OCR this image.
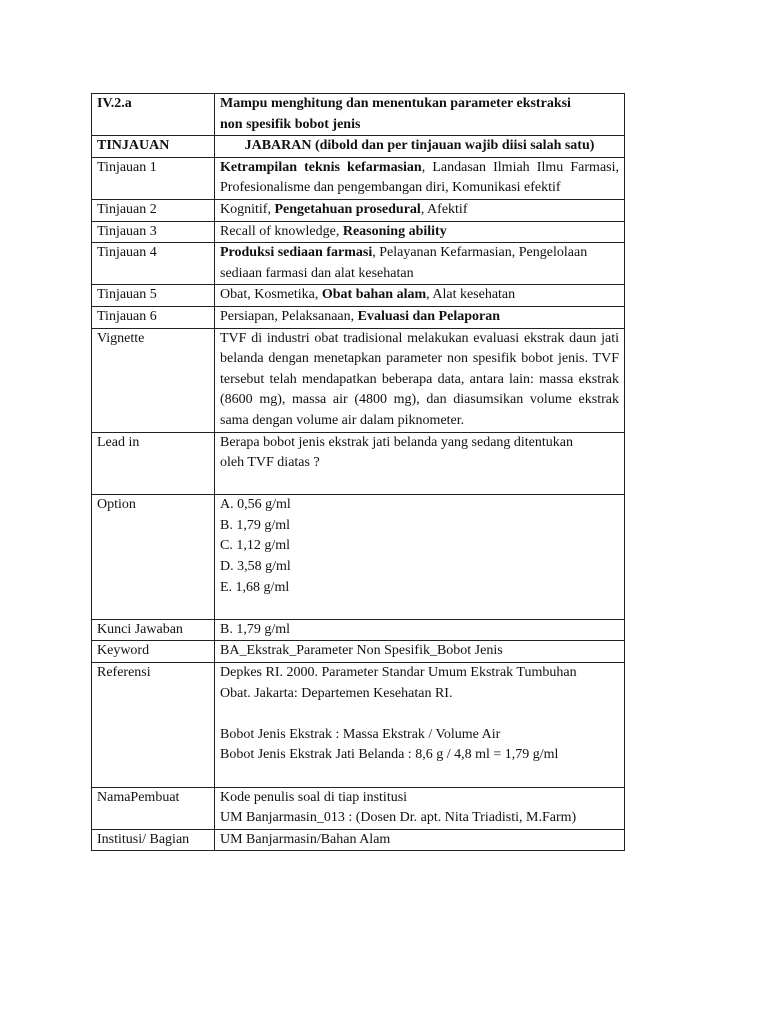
IV.2.a	Mampu menghitung dan menentukan parameter ekstraksi
non spesifik bobot jenis

TINJAUAN	JABARAN (dibold dan per tinjauan wajib diisi salah satu)
Tinjauan 1	Ketrampilan teknis kefarmasian, Landasan Ilmiah Ilmu Farmasi, Profesionalisme dan pengembangan diri, Komunikasi efektif
Tinjauan 2	Kognitif, Pengetahuan prosedural, Afektif
Tinjauan 3	Recall of knowledge, Reasoning ability
Tinjauan 4	Produksi sediaan farmasi, Pelayanan Kefarmasian, Pengelolaan sediaan farmasi dan alat kesehatan
Tinjauan 5	Obat, Kosmetika, Obat bahan alam, Alat kesehatan
Tinjauan 6	Persiapan, Pelaksanaan, Evaluasi dan Pelaporan
Vignette	TVF di industri obat tradisional melakukan evaluasi ekstrak daun jati belanda dengan menetapkan parameter non spesifik bobot jenis. TVF tersebut telah mendapatkan beberapa data, antara lain: massa ekstrak (8600 mg), massa air (4800 mg), dan diasumsikan volume ekstrak sama dengan volume air dalam piknometer.
Lead in	Berapa bobot jenis ekstrak jati belanda yang sedang ditentukan
oleh TVF diatas ?

Option	A. 0,56 g/ml
B. 1,79 g/ml
C. 1,12 g/ml
D. 3,58 g/ml
E. 1,68 g/ml

Kunci Jawaban	B. 1,79 g/ml
Keyword	BA_Ekstrak_Parameter Non Spesifik_Bobot Jenis
Referensi	Depkes RI. 2000. Parameter Standar Umum Ekstrak Tumbuhan
Obat. Jakarta: Departemen Kesehatan RI.
Bobot Jenis Ekstrak : Massa Ekstrak / Volume Air
Bobot Jenis Ekstrak Jati Belanda : 8,6 g / 4,8 ml = 1,79 g/ml

NamaPembuat	Kode penulis soal di tiap institusi
UM Banjarmasin_013 : (Dosen Dr. apt. Nita Triadisti, M.Farm)

Institusi/ Bagian	UM Banjarmasin/Bahan Alam
